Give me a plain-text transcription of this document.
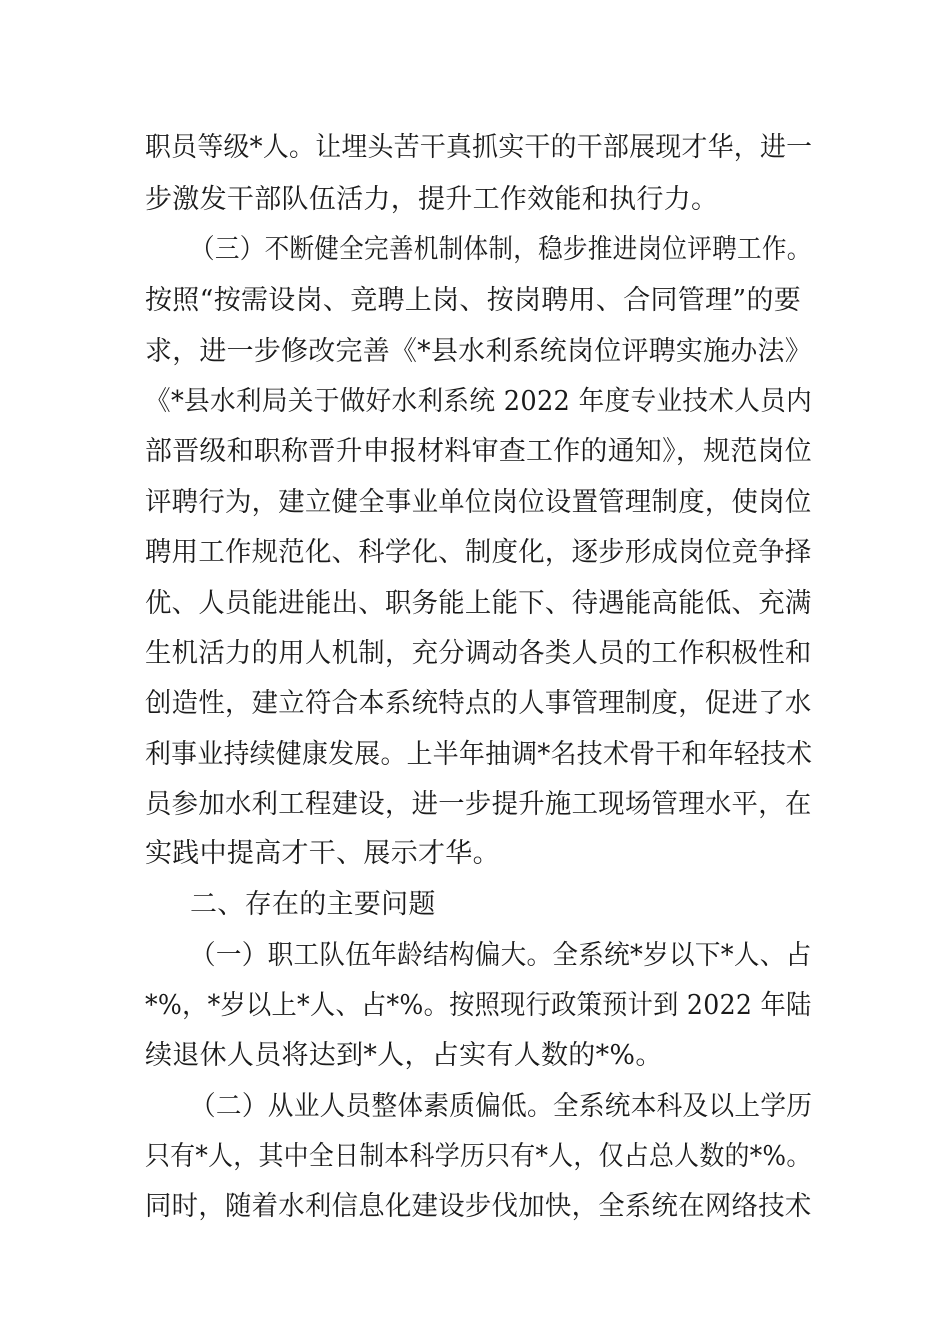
职员等级*人。让埋头苦干真抓实干的干部展现才华，进一
步激发干部队伍活力，提升工作效能和执行力。
（三）不断健全完善机制体制，稳步推进岗位评聘工作。
按照“按需设岗、竞聘上岗、按岗聘用、合同管理”的要
求，进一步修改完善《*县水利系统岗位评聘实施办法》
《*县水利局关于做好水利系统 2022 年度专业技术人员内
部晋级和职称晋升申报材料审查工作的通知》，规范岗位
评聘行为，建立健全事业单位岗位设置管理制度，使岗位
聘用工作规范化、科学化、制度化，逐步形成岗位竞争择
优、人员能进能出、职务能上能下、待遇能高能低、充满
生机活力的用人机制，充分调动各类人员的工作积极性和
创造性，建立符合本系统特点的人事管理制度，促进了水
利事业持续健康发展。上半年抽调*名技术骨干和年轻技术
员参加水利工程建设，进一步提升施工现场管理水平，在
实践中提高才干、展示才华。
二、存在的主要问题
（一）职工队伍年龄结构偏大。全系统*岁以下*人、占
*%，*岁以上*人、占*%。按照现行政策预计到 2022 年陆
续退休人员将达到*人，占实有人数的*%。
（二）从业人员整体素质偏低。全系统本科及以上学历
只有*人，其中全日制本科学历只有*人，仅占总人数的*%。
同时，随着水利信息化建设步伐加快，全系统在网络技术
